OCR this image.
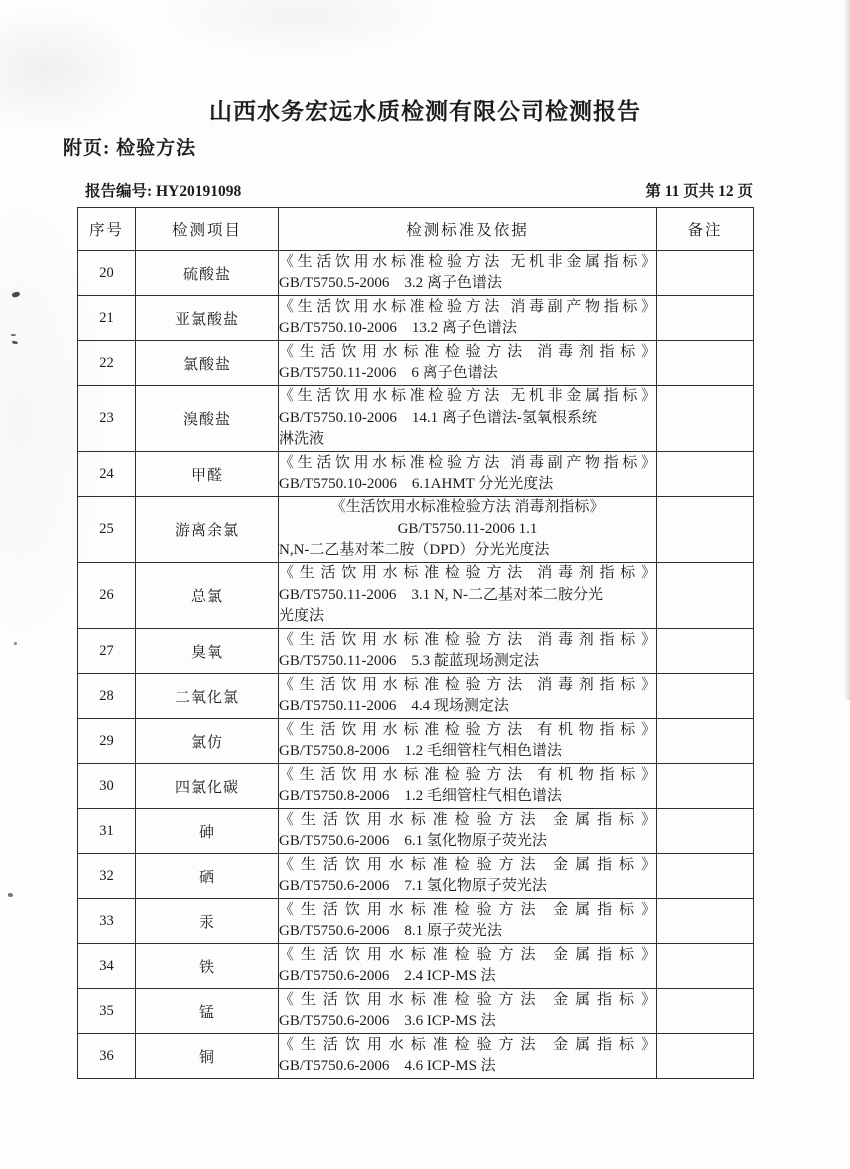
山西水务宏远水质检测有限公司检测报告
附页: 检验方法
报告编号: HY20191098	第 11 页共 12 页
序号	检测项目	检测标准及依据	备注
20	硫酸盐	《生活饮用水标准检验方法 无机非金属指标》
GB/T5750.5-2006　3.2 离子色谱法	

21	亚氯酸盐	《生活饮用水标准检验方法 消毒副产物指标》
GB/T5750.10-2006　13.2 离子色谱法	

22	氯酸盐	《生活饮用水标准检验方法 消毒剂指标》
GB/T5750.11-2006　6 离子色谱法	

23	溴酸盐	《生活饮用水标准检验方法 无机非金属指标》
GB/T5750.10-2006　14.1 离子色谱法-氢氧根系统
淋洗液	

24	甲醛	《生活饮用水标准检验方法 消毒副产物指标》
GB/T5750.10-2006　6.1AHMT 分光光度法	

25	游离余氯	《生活饮用水标准检验方法 消毒剂指标》
GB/T5750.11-2006 1.1
N,N-二乙基对苯二胺（DPD）分光光度法	

26	总氯	《生活饮用水标准检验方法 消毒剂指标》
GB/T5750.11-2006　3.1 N, N-二乙基对苯二胺分光
光度法	

27	臭氧	《生活饮用水标准检验方法 消毒剂指标》
GB/T5750.11-2006　5.3 靛蓝现场测定法	

28	二氧化氯	《生活饮用水标准检验方法 消毒剂指标》
GB/T5750.11-2006　4.4 现场测定法	

29	氯仿	《生活饮用水标准检验方法 有机物指标》
GB/T5750.8-2006　1.2 毛细管柱气相色谱法	

30	四氯化碳	《生活饮用水标准检验方法 有机物指标》
GB/T5750.8-2006　1.2 毛细管柱气相色谱法	

31	砷	《生活饮用水标准检验方法 金属指标》
GB/T5750.6-2006　6.1 氢化物原子荧光法	

32	硒	《生活饮用水标准检验方法 金属指标》
GB/T5750.6-2006　7.1 氢化物原子荧光法	

33	汞	《生活饮用水标准检验方法 金属指标》
GB/T5750.6-2006　8.1 原子荧光法	

34	铁	《生活饮用水标准检验方法 金属指标》
GB/T5750.6-2006　2.4 ICP-MS 法	

35	锰	《生活饮用水标准检验方法 金属指标》
GB/T5750.6-2006　3.6 ICP-MS 法	

36	铜	《生活饮用水标准检验方法 金属指标》
GB/T5750.6-2006　4.6 ICP-MS 法	
